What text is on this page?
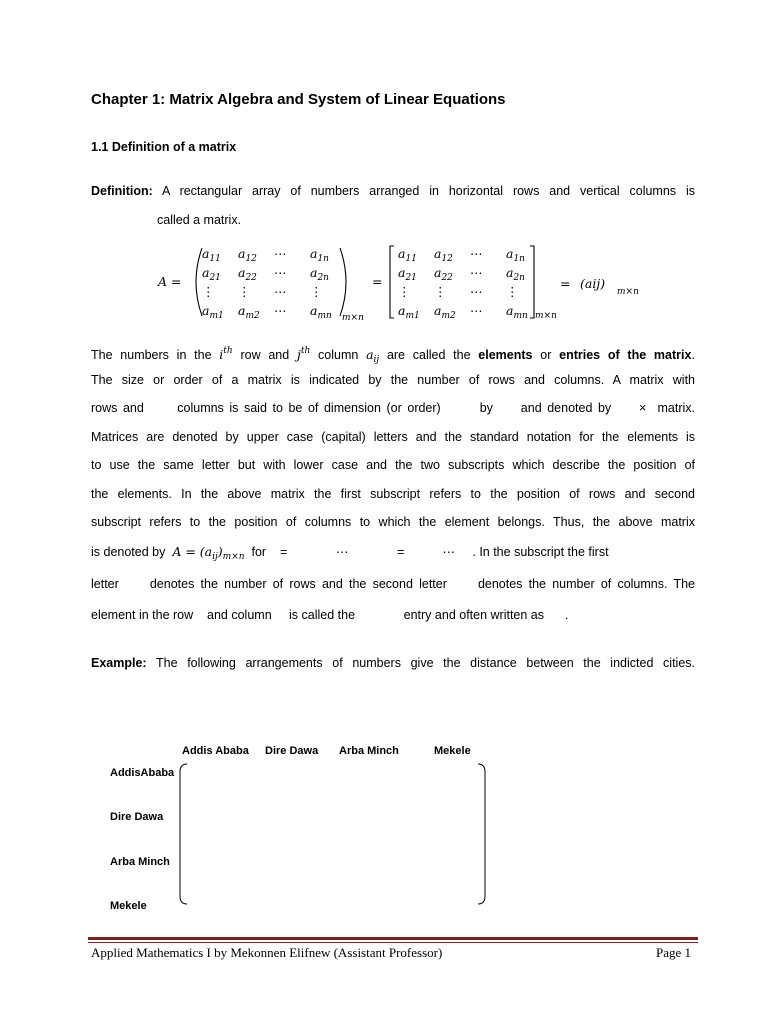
Chapter 1: Matrix Algebra and System of Linear Equations
1.1 Definition of a matrix
Definition: A rectangular array of numbers arranged in horizontal rows and vertical columns is
called a matrix.
A =
$a_{11}$ $a_{12}$ ⋯ $a_{1n}$
$a_{21}$ $a_{22}$ ⋯ $a_{2n}$
⋮ ⋮ ⋯ ⋮
$a_{m1}$ $a_{m2}$ ⋯ $a_{mn}$ m×n
=
$a_{11}$ $a_{12}$ ⋯ $a_{1n}$
$a_{21}$ $a_{22}$ ⋯ $a_{2n}$
⋮ ⋮ ⋯ ⋮
$a_{m1}$ $a_{m2}$ ⋯ $a_{mn}$ m×n
= (aij)
m×n
The numbers in the $i^{th}$ row and $j^{th}$ column $a_{ij}$ are called the elements or entries of the matrix.
The size or order of a matrix is indicated by the number of rows and columns. A matrix with
rows and      columns is said to be of dimension (or order)       by     and denoted by     ×  matrix.
Matrices are denoted by upper case (capital) letters and the standard notation for the elements is
to use the same letter but with lower case and the two subscripts which describe the position of
the elements. In the above matrix the first subscript refers to the position of rows and second
subscript refers to the position of columns to which the element belongs. Thus, the above matrix
is denoted by $A = (a_{ij})_{m\times n}$ for    =              ⋯              =           ⋯     . In the subscript the first
letter     denotes the number of rows and the second letter     denotes the number of columns. The
element in the row    and column     is called the              entry and often written as      .
Example: The following arrangements of numbers give the distance between the indicted cities.
Addis Ababa Dire Dawa Arba Minch	Mekele
AddisAbaba
Dire Dawa
Arba Minch
Mekele
Applied Mathematics I by Mekonnen Elifnew (Assistant Professor)	Page 1
